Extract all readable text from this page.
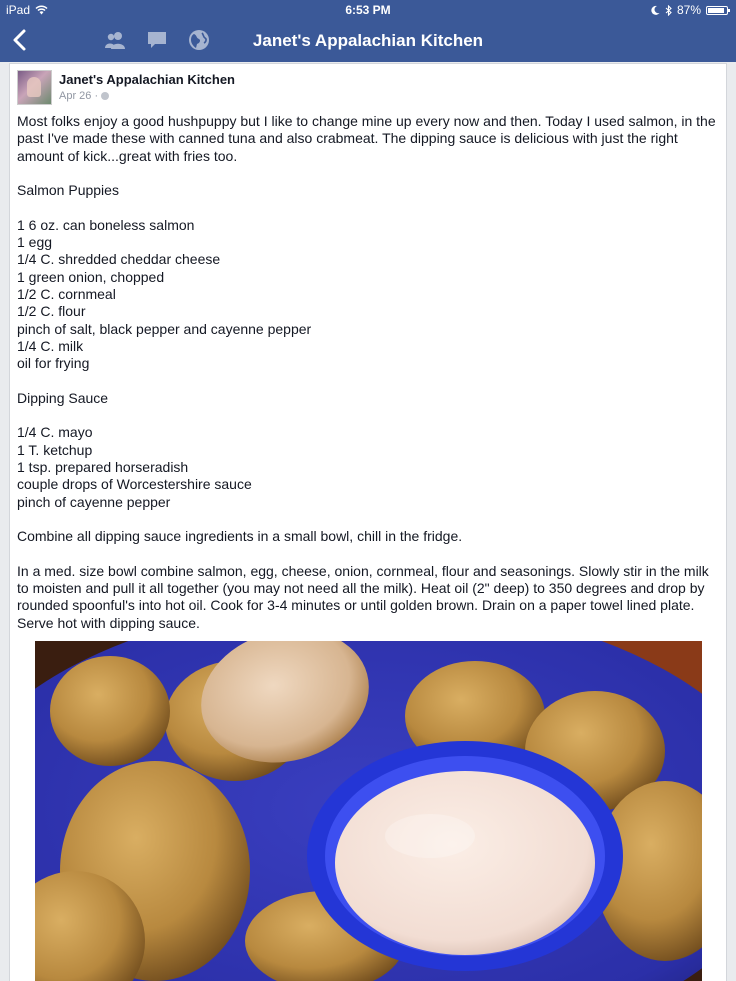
iPad	6:53 PM	87%
Janet's Appalachian Kitchen
Janet's Appalachian Kitchen
Apr 26 ·

Most folks enjoy a good hushpuppy but I like to change mine up every now and then. Today I used salmon, in the past I've made these with canned tuna and also crabmeat. The dipping sauce is delicious with just the right amount of kick...great with fries too.

Salmon Puppies

1 6 oz. can boneless salmon

1 egg

1/4 C. shredded cheddar cheese

1 green onion, chopped

1/2 C. cornmeal

1/2 C. flour

pinch of salt, black pepper and cayenne pepper

1/4 C. milk

oil for frying

Dipping Sauce

1/4 C. mayo

1 T. ketchup

1 tsp. prepared horseradish

couple drops of Worcestershire sauce

pinch of cayenne pepper

Combine all dipping sauce ingredients in a small bowl, chill in the fridge.

In a med. size bowl combine salmon, egg, cheese, onion, cornmeal, flour and seasonings. Slowly stir in the milk to moisten and pull it all together (you may not need all the milk). Heat oil (2" deep) to 350 degrees and drop by rounded spoonful's into hot oil. Cook for 3-4 minutes or until golden brown. Drain on a paper towel lined plate. Serve hot with dipping sauce.
